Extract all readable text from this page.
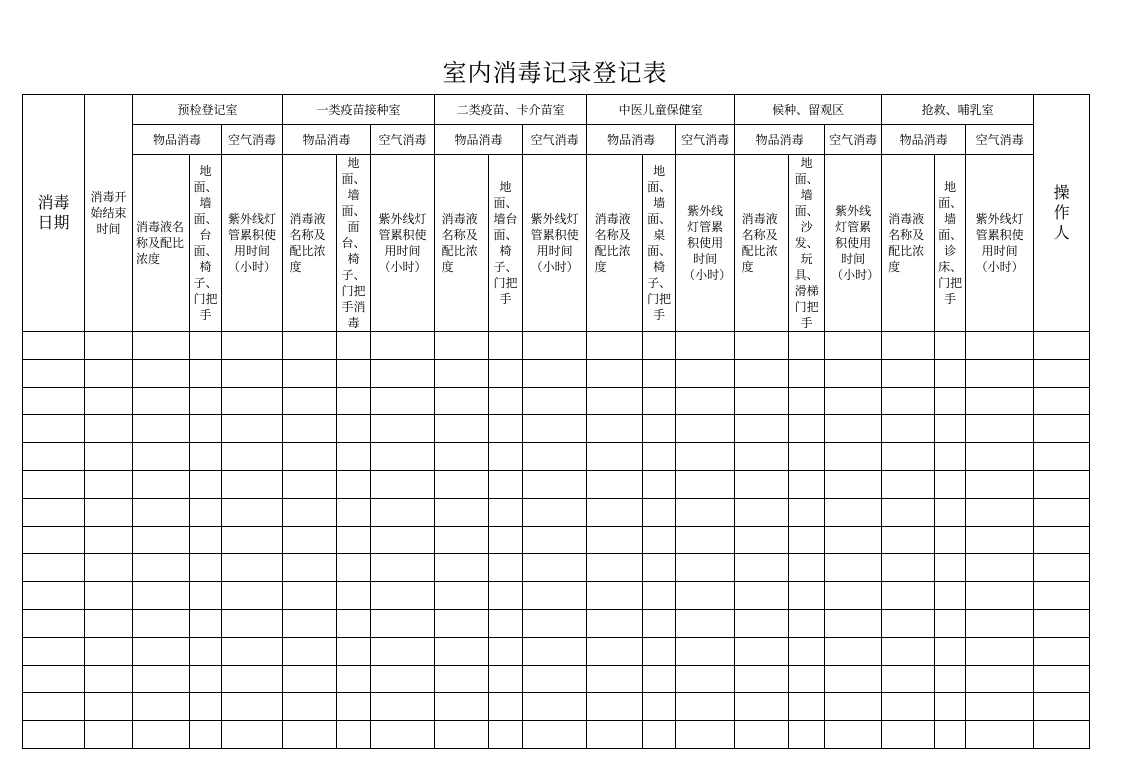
室内消毒记录登记表
消毒日期	消毒开始结束时间	预检登记室			一类疫苗接种室			二类疫苗、卡介苗室			中医儿童保健室			候种、留观区			抢救、哺乳室			操作人
		物品消毒		空气消毒	物品消毒		空气消毒	物品消毒		空气消毒	物品消毒		空气消毒	物品消毒		空气消毒	物品消毒		空气消毒	
		消毒液名称及配比浓度	地面、墙面、台面、椅子、门把手	紫外线灯管累积使用时间（小时）	消毒液名称及配比浓度	地面、墙面、面台、椅子、门把手消毒	紫外线灯管累积使用时间（小时）	消毒液名称及配比浓度	地面、墙台面、椅子、门把手	紫外线灯管累积使用时间（小时）	消毒液名称及配比浓度	地面、墙面、桌面、椅子、门把手	紫外线灯管累积使用时间（小时）	消毒液名称及配比浓度	地面、墙面、沙发、玩具、滑梯门把手	紫外线灯管累积使用时间（小时）	消毒液名称及配比浓度	地面、墙面、诊床、门把手	紫外线灯管累积使用时间（小时）	
